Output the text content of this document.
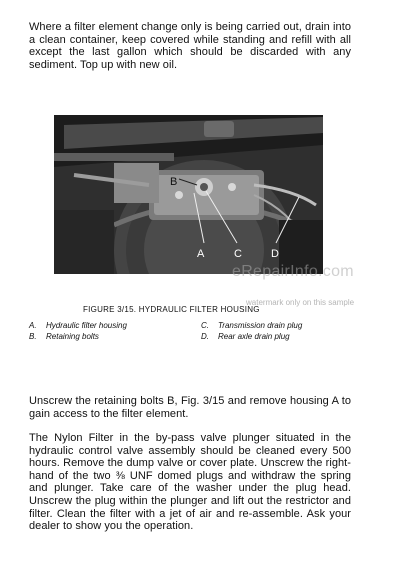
Where a filter element change only is being carried out, drain into a clean container, keep covered while standing and refill with all except the last gallon which should be discarded with any sediment. Top up with new oil.

A
B
C	D
eRepairInfo.com
watermark only on this sample
FIGURE 3/15. HYDRAULIC FILTER HOUSING
A. Hydraulic filter housing
B. Retaining bolts
C. Transmission drain plug
D. Rear axle drain plug

Unscrew the retaining bolts B, Fig. 3/15 and remove housing A to gain access to the filter element.

The Nylon Filter in the by-pass valve plunger situated in the hydraulic control valve assembly should be cleaned every 500 hours. Remove the dump valve or cover plate. Unscrew the right-hand of the two ⅜ UNF domed plugs and withdraw the spring and plunger. Take care of the washer under the plug head. Unscrew the plug within the plunger and lift out the restrictor and filter. Clean the filter with a jet of air and re-assemble. Ask your dealer to show you the operation.
